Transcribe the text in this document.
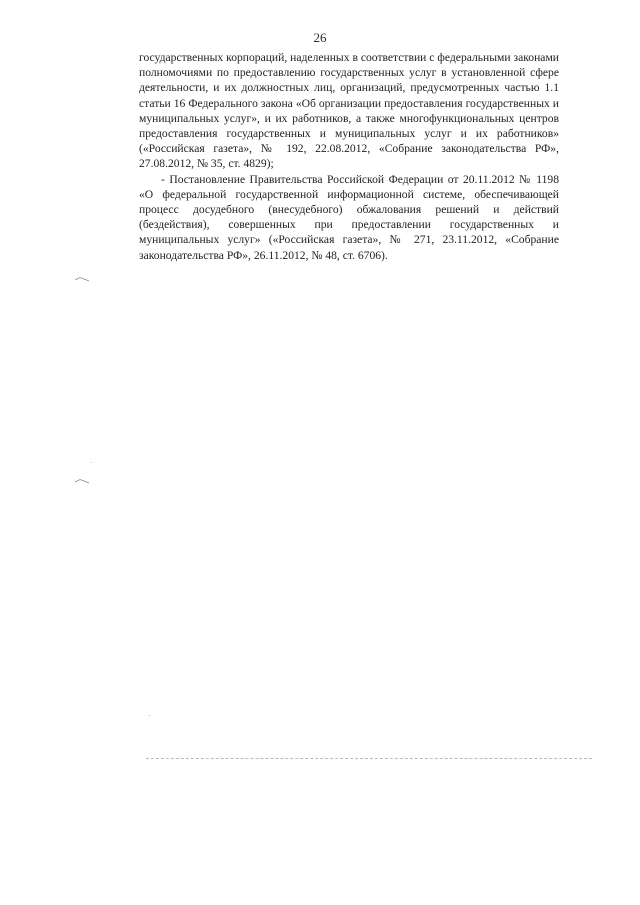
26

государственных корпораций, наделенных в соответствии с федеральными законами полномочиями по предоставлению государственных услуг в установленной сфере деятельности, и их должностных лиц, организаций, предусмотренных частью 1.1 статьи 16 Федерального закона «Об организации предоставления государственных и муниципальных услуг», и их работников, а также многофункциональных центров предоставления государственных и муниципальных услуг и их работников» («Российская газета», № 192, 22.08.2012, «Собрание законодательства РФ», 27.08.2012, № 35, ст. 4829);

- Постановление Правительства Российской Федерации от 20.11.2012 № 1198 «О федеральной государственной информационной системе, обеспечивающей процесс досудебного (внесудебного) обжалования решений и действий (бездействия), совершенных при предоставлении государственных и муниципальных услуг» («Российская газета», № 271, 23.11.2012, «Собрание законодательства РФ», 26.11.2012, № 48, ст. 6706).
